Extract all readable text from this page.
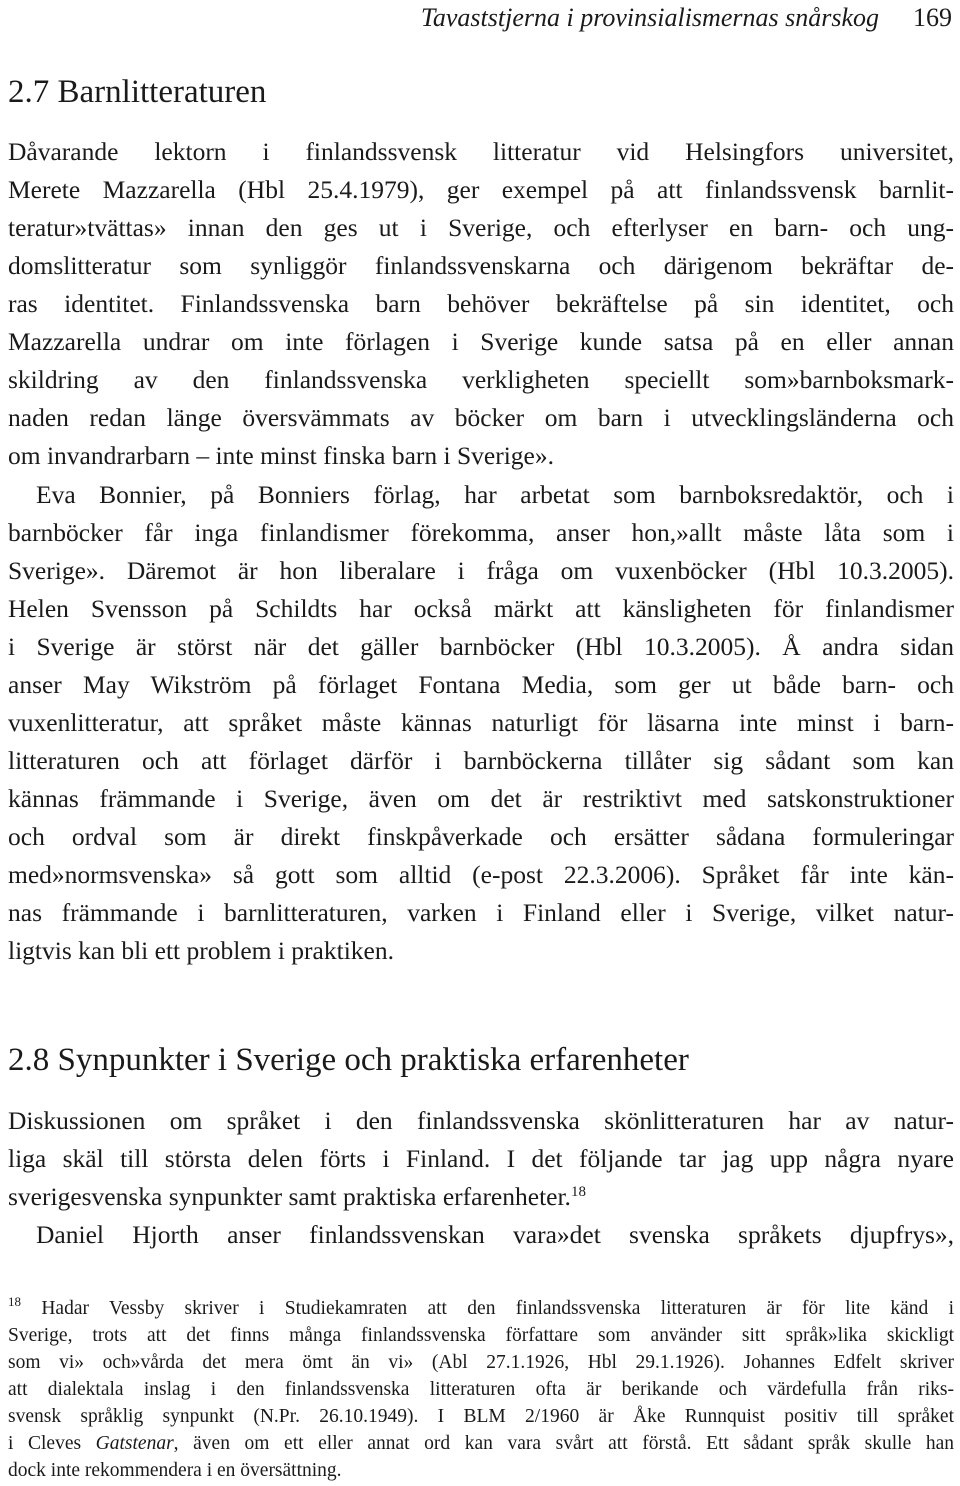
Tavaststjerna i provinsialismernas snårskog 169
2.7 Barnlitteraturen
Dåvarande lektorn i finlandssvensk litteratur vid Helsingfors universitet,
Merete Mazzarella (Hbl 25.4.1979), ger exempel på att finlandssvensk barnlit-
teratur»tvättas» innan den ges ut i Sverige, och efterlyser en barn- och ung-
domslitteratur som synliggör finlandssvenskarna och därigenom bekräftar de-
ras identitet. Finlandssvenska barn behöver bekräftelse på sin identitet, och
Mazzarella undrar om inte förlagen i Sverige kunde satsa på en eller annan
skildring av den finlandssvenska verkligheten speciellt som»barnboksmark-
naden redan länge översvämmats av böcker om barn i utvecklingsländerna och
om invandrarbarn – inte minst finska barn i Sverige».
Eva Bonnier, på Bonniers förlag, har arbetat som barnboksredaktör, och i
barnböcker får inga finlandismer förekomma, anser hon,»allt måste låta som i
Sverige». Däremot är hon liberalare i fråga om vuxenböcker (Hbl 10.3.2005).
Helen Svensson på Schildts har också märkt att känsligheten för finlandismer
i Sverige är störst när det gäller barnböcker (Hbl 10.3.2005). Å andra sidan
anser May Wikström på förlaget Fontana Media, som ger ut både barn- och
vuxenlitteratur, att språket måste kännas naturligt för läsarna inte minst i barn-
litteraturen och att förlaget därför i barnböckerna tillåter sig sådant som kan
kännas främmande i Sverige, även om det är restriktivt med satskonstruktioner
och ordval som är direkt finskpåverkade och ersätter sådana formuleringar
med»normsvenska» så gott som alltid (e-post 22.3.2006). Språket får inte kän-
nas främmande i barnlitteraturen, varken i Finland eller i Sverige, vilket natur-
ligtvis kan bli ett problem i praktiken.
2.8 Synpunkter i Sverige och praktiska erfarenheter
Diskussionen om språket i den finlandssvenska skönlitteraturen har av natur-
liga skäl till största delen förts i Finland. I det följande tar jag upp några nyare
sverigesvenska synpunkter samt praktiska erfarenheter.$^{18}$
Daniel Hjorth anser finlandssvenskan vara»det svenska språkets djupfrys»,
$^{18}$ Hadar Vessby skriver i Studiekamraten att den finlandssvenska litteraturen är för lite känd i
Sverige, trots att det finns många finlandssvenska författare som använder sitt språk»lika skickligt
som vi» och»vårda det mera ömt än vi» (Abl 27.1.1926, Hbl 29.1.1926). Johannes Edfelt skriver
att dialektala inslag i den finlandssvenska litteraturen ofta är berikande och värdefulla från riks-
svensk språklig synpunkt (N.Pr. 26.10.1949). I BLM 2/1960 är Åke Runnquist positiv till språket
i Cleves Gatstenar, även om ett eller annat ord kan vara svårt att förstå. Ett sådant språk skulle han
dock inte rekommendera i en översättning.
